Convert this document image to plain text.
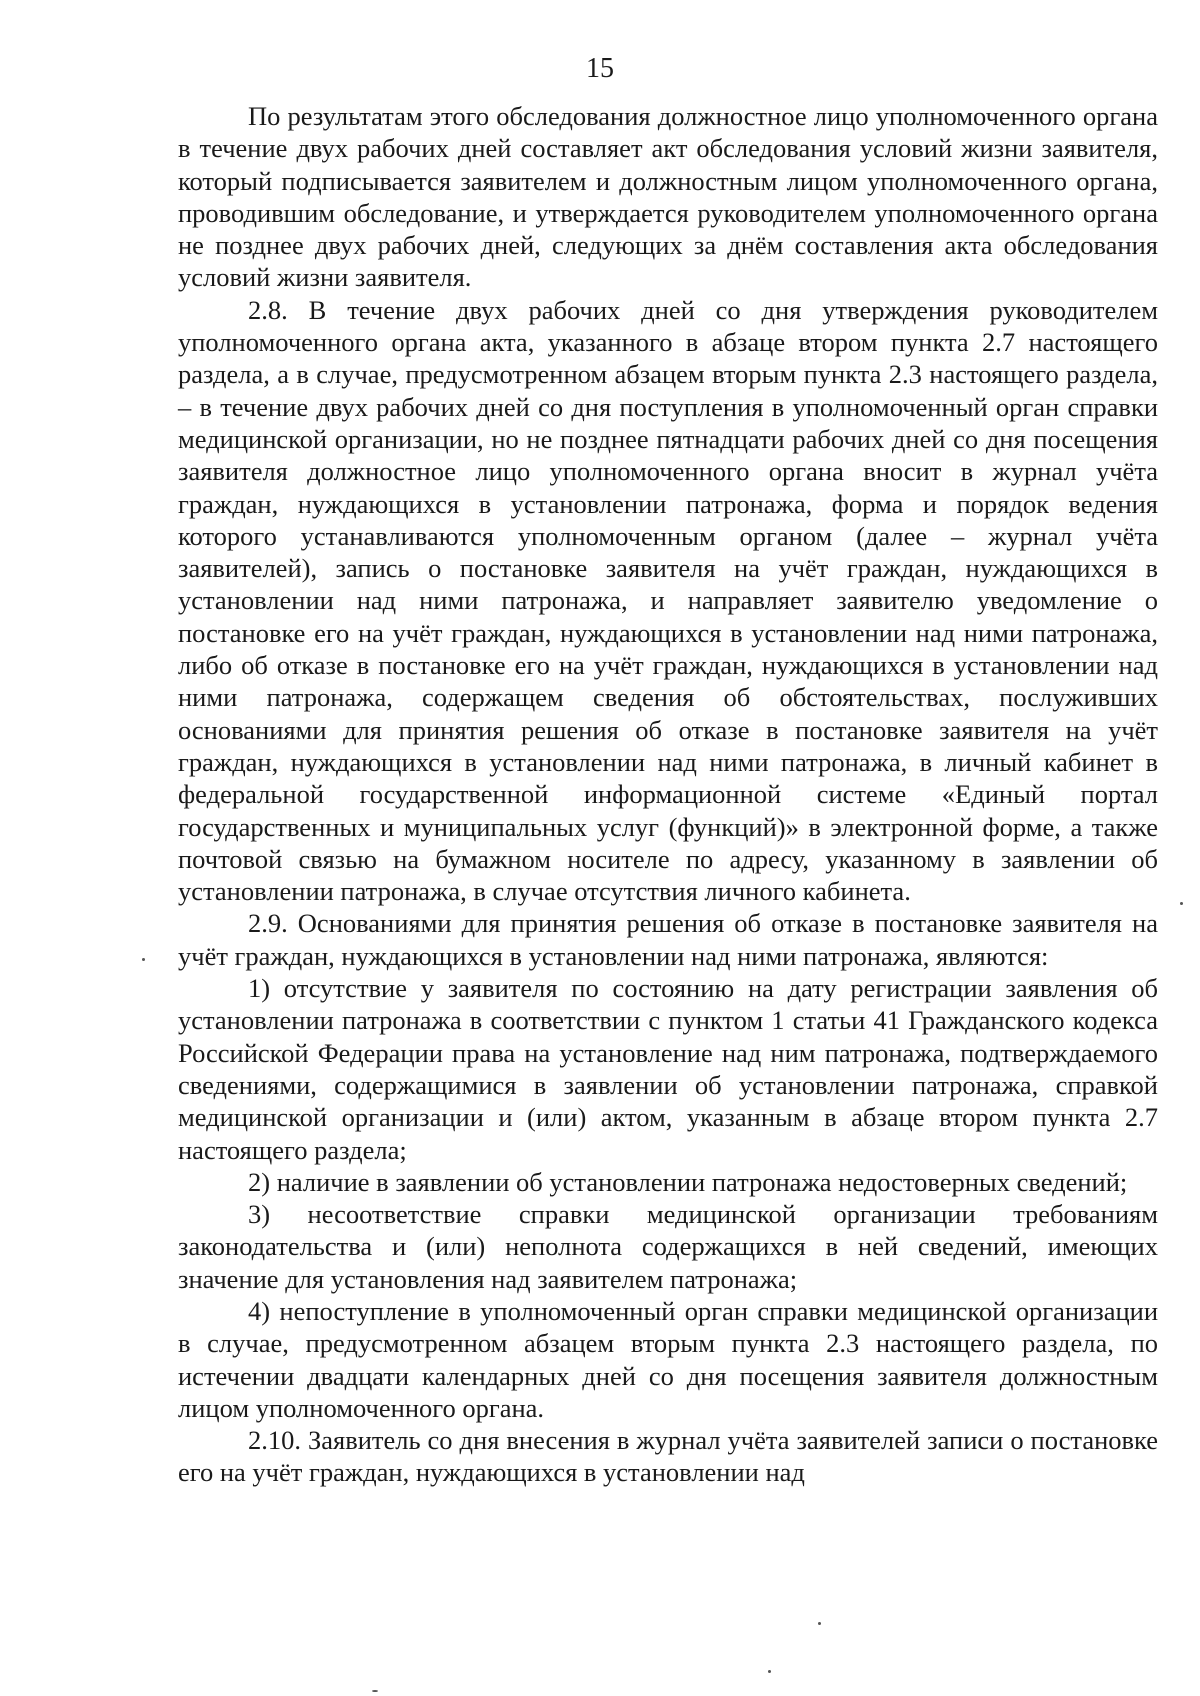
15

По результатам этого обследования должностное лицо уполномоченного органа в течение двух рабочих дней составляет акт обследования условий жизни заявителя, который подписывается заявителем и должностным лицом уполномоченного органа, проводившим обследование, и утверждается руководителем уполномоченного органа не позднее двух рабочих дней, следующих за днём составления акта обследования условий жизни заявителя.

2.8. В течение двух рабочих дней со дня утверждения руководителем уполномоченного органа акта, указанного в абзаце втором пункта 2.7 настоящего раздела, а в случае, предусмотренном абзацем вторым пункта 2.3 настоящего раздела, – в течение двух рабочих дней со дня поступления в уполномоченный орган справки медицинской организации, но не позднее пятнадцати рабочих дней со дня посещения заявителя должностное лицо уполномоченного органа вносит в журнал учёта граждан, нуждающихся в установлении патронажа, форма и порядок ведения которого устанавливаются уполномоченным органом (далее – журнал учёта заявителей), запись о постановке заявителя на учёт граждан, нуждающихся в установлении над ними патронажа, и направляет заявителю уведомление о постановке его на учёт граждан, нуждающихся в установлении над ними патронажа, либо об отказе в постановке его на учёт граждан, нуждающихся в установлении над ними патронажа, содержащем сведения об обстоятельствах, послуживших основаниями для принятия решения об отказе в постановке заявителя на учёт граждан, нуждающихся в установлении над ними патронажа, в личный кабинет в федеральной государственной информационной системе «Единый портал государственных и муниципальных услуг (функций)» в электронной форме, а также почтовой связью на бумажном носителе по адресу, указанному в заявлении об установлении патронажа, в случае отсутствия личного кабинета.

2.9. Основаниями для принятия решения об отказе в постановке заявителя на учёт граждан, нуждающихся в установлении над ними патронажа, являются:

1) отсутствие у заявителя по состоянию на дату регистрации заявления об установлении патронажа в соответствии с пунктом 1 статьи 41 Гражданского кодекса Российской Федерации права на установление над ним патронажа, подтверждаемого сведениями, содержащимися в заявлении об установлении патронажа, справкой медицинской организации и (или) актом, указанным в абзаце втором пункта 2.7 настоящего раздела;

2) наличие в заявлении об установлении патронажа недостоверных сведений;

3) несоответствие справки медицинской организации требованиям законодательства и (или) неполнота содержащихся в ней сведений, имеющих значение для установления над заявителем патронажа;

4) непоступление в уполномоченный орган справки медицинской организации в случае, предусмотренном абзацем вторым пункта 2.3 настоящего раздела, по истечении двадцати календарных дней со дня посещения заявителя должностным лицом уполномоченного органа.

2.10. Заявитель со дня внесения в журнал учёта заявителей записи о постановке его на учёт граждан, нуждающихся в установлении над
